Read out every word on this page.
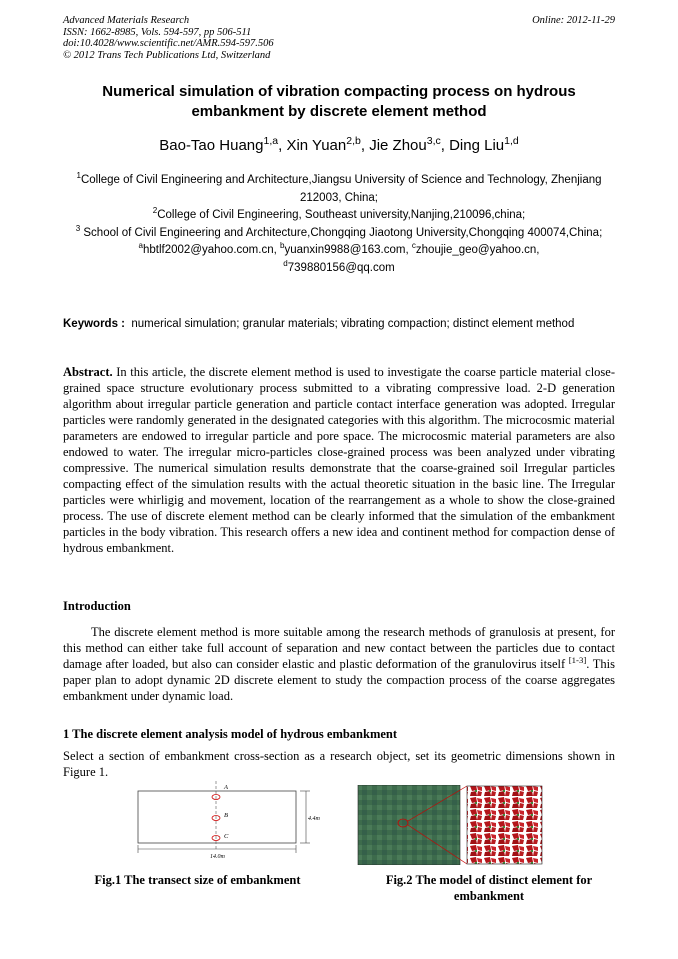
Advanced Materials Research
ISSN: 1662-8985, Vols. 594-597, pp 506-511
doi:10.4028/www.scientific.net/AMR.594-597.506
© 2012 Trans Tech Publications Ltd, Switzerland
Online: 2012-11-29
Numerical simulation of vibration compacting process on hydrous embankment by discrete element method
Bao-Tao Huang$^{1,a}$, Xin Yuan$^{2,b}$, Jie Zhou$^{3,c}$, Ding Liu$^{1,d}$
$^1$College of Civil Engineering and Architecture,Jiangsu University of Science and Technology, Zhenjiang 212003, China;
$^2$College of Civil Engineering, Southeast university,Nanjing,210096,china;
$^3$ School of Civil Engineering and Architecture,Chongqing Jiaotong University,Chongqing 400074,China;
$^a$hbtlf2002@yahoo.com.cn, $^b$yuanxin9988@163.com, $^c$zhoujie_geo@yahoo.cn,
$^d$739880156@qq.com
Keywords : numerical simulation; granular materials; vibrating compaction; distinct element method
Abstract. In this article, the discrete element method is used to investigate the coarse particle material close-grained space structure evolutionary process submitted to a vibrating compressive load. 2-D generation algorithm about irregular particle generation and particle contact interface generation was adopted. Irregular particles were randomly generated in the designated categories with this algorithm. The microcosmic material parameters are endowed to irregular particle and pore space. The microcosmic material parameters are also endowed to water. The irregular micro-particles close-grained process was been analyzed under vibrating compressive. The numerical simulation results demonstrate that the coarse-grained soil Irregular particles compacting effect of the simulation results with the actual theoretic situation in the basic line. The Irregular particles were whirligig and movement, location of the rearrangement as a whole to show the close-grained process. The use of discrete element method can be clearly informed that the simulation of the embankment particles in the body vibration. This research offers a new idea and continent method for compaction dense of hydrous embankment.
Introduction
The discrete element method is more suitable among the research methods of granulosis at present, for this method can either take full account of separation and new contact between the particles due to contact damage after loaded, but also can consider elastic and plastic deformation of the granulovirus itself [1-3]. This paper plan to adopt dynamic 2D discrete element to study the compaction process of the coarse aggregates embankment under dynamic load.
1 The discrete element analysis model of hydrous embankment
Select a section of embankment cross-section as a research object, set its geometric dimensions shown in Figure 1.
A
B
C
4.4m
14.0m
Fig.1 The transect size of embankment	Fig.2 The model of distinct element for embankment
